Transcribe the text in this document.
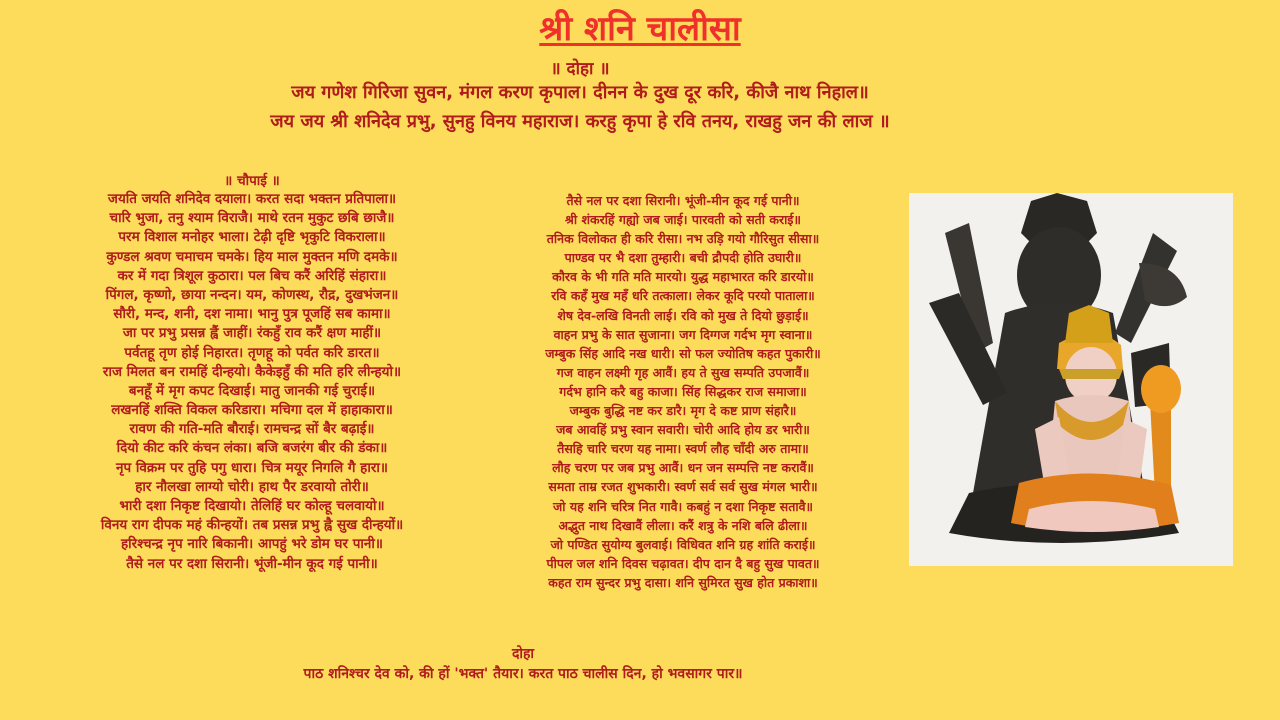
श्री शनि चालीसा
॥ दोहा ॥
जय गणेश गिरिजा सुवन, मंगल करण कृपाल। दीनन के दुख दूर करि, कीजै नाथ निहाल॥
जय जय श्री शनिदेव प्रभु, सुनहु विनय महाराज। करहु कृपा हे रवि तनय, राखहु जन की लाज ॥
॥ चौपाई ॥
जयति जयति शनिदेव दयाला। करत सदा भक्तन प्रतिपाला॥
चारि भुजा, तनु श्याम विराजै। माथे रतन मुकुट छबि छाजै॥
परम विशाल मनोहर भाला। टेढ़ी दृष्टि भृकुटि विकराला॥
कुण्डल श्रवण चमाचम चमके। हिय माल मुक्तन मणि दमके॥
कर में गदा त्रिशूल कुठारा। पल बिच करैं अरिहिं संहारा॥
पिंगल, कृष्णो, छाया नन्दन। यम, कोणस्थ, रौद्र, दुखभंजन॥
सौरी, मन्द, शनी, दश नामा। भानु पुत्र पूजहिं सब कामा॥
जा पर प्रभु प्रसन्न ह्वैं जाहीं। रंकहुँ राव करैं क्षण माहीं॥
पर्वतहू तृण होई निहारत। तृणहू को पर्वत करि डारत॥
राज मिलत बन रामहिं दीन्हयो। कैकेइहुँ की मति हरि लीन्हयो॥
बनहूँ में मृग कपट दिखाई। मातु जानकी गई चुराई॥
लखनहिं शक्ति विकल करिडारा। मचिगा दल में हाहाकारा॥
रावण की गति-मति बौराई। रामचन्द्र सों बैर बढ़ाई॥
दियो कीट करि कंचन लंका। बजि बजरंग बीर की डंका॥
नृप विक्रम पर तुहि पगु धारा। चित्र मयूर निगलि गै हारा॥
हार नौलखा लाग्यो चोरी। हाथ पैर डरवायो तोरी॥
भारी दशा निकृष्ट दिखायो। तेलिहिं घर कोल्हू चलवायो॥
विनय राग दीपक महं कीन्हयों। तब प्रसन्न प्रभु ह्वै सुख दीन्हयों॥
हरिश्चन्द्र नृप नारि बिकानी। आपहुं भरे डोम घर पानी॥
तैसे नल पर दशा सिरानी। भूंजी-मीन कूद गई पानी॥
तैसे नल पर दशा सिरानी। भूंजी-मीन कूद गई पानी॥
श्री शंकरहिं गह्यो जब जाई। पारवती को सती कराई॥
तनिक विलोकत ही करि रीसा। नभ उड़ि गयो गौरिसुत सीसा॥
पाण्डव पर भै दशा तुम्हारी। बची द्रौपदी होति उघारी॥
कौरव के भी गति मति मारयो। युद्ध महाभारत करि डारयो॥
रवि कहँ मुख महँ धरि तत्काला। लेकर कूदि परयो पाताला॥
शेष देव-लखि विनती लाई। रवि को मुख ते दियो छुड़ाई॥
वाहन प्रभु के सात सुजाना। जग दिग्गज गर्दभ मृग स्वाना॥
जम्बुक सिंह आदि नख धारी। सो फल ज्योतिष कहत पुकारी॥
गज वाहन लक्ष्मी गृह आवैं। हय ते सुख सम्पति उपजावैं॥
गर्दभ हानि करै बहु काजा। सिंह सिद्धकर राज समाजा॥
जम्बुक बुद्धि नष्ट कर डारै। मृग दे कष्ट प्राण संहारै॥
जब आवहिं प्रभु स्वान सवारी। चोरी आदि होय डर भारी॥
तैसहि चारि चरण यह नामा। स्वर्ण लौह चाँदी अरु तामा॥
लौह चरण पर जब प्रभु आवैं। धन जन सम्पत्ति नष्ट करावैं॥
समता ताम्र रजत शुभकारी। स्वर्ण सर्व सर्व सुख मंगल भारी॥
जो यह शनि चरित्र नित गावै। कबहुं न दशा निकृष्ट सतावै॥
अद्भुत नाथ दिखावैं लीला। करैं शत्रु के नशि बलि ढीला॥
जो पण्डित सुयोग्य बुलवाई। विधिवत शनि ग्रह शांति कराई॥
पीपल जल शनि दिवस चढ़ावत। दीप दान दै बहु सुख पावत॥
कहत राम सुन्दर प्रभु दासा। शनि सुमिरत सुख होत प्रकाशा॥
दोहा
पाठ शनिश्चर देव को, की हों 'भक्त' तैयार। करत पाठ चालीस दिन, हो भवसागर पार॥
